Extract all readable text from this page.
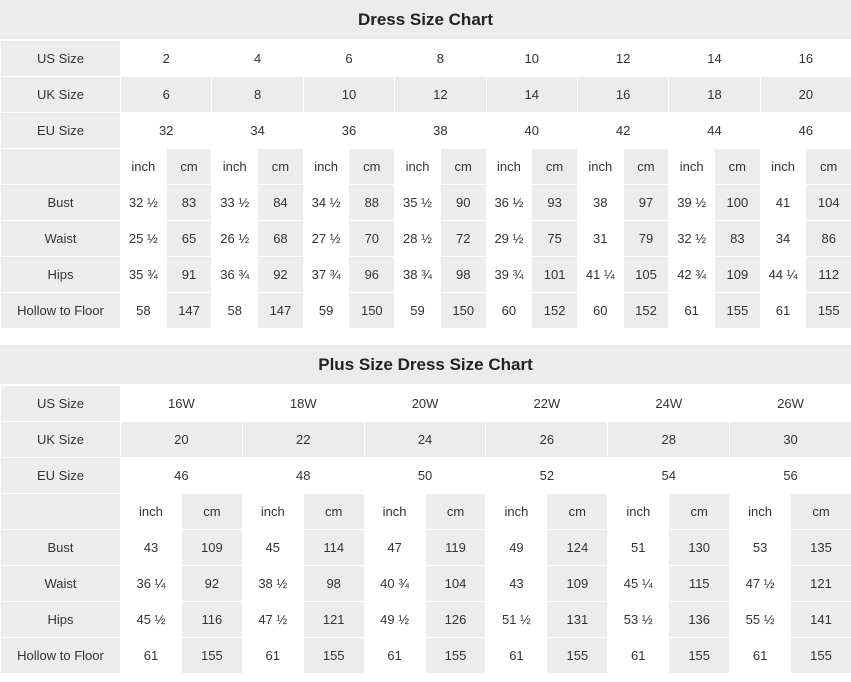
Dress Size Chart
US Size	2		4		6		8		10		12		14		16	
UK Size	6		8		10		12		14		16		18		20	
EU Size	32		34		36		38		40		42		44		46	
	inch	cm	inch	cm	inch	cm	inch	cm	inch	cm	inch	cm	inch	cm	inch	cm
Bust	32 ½	83	33 ½	84	34 ½	88	35 ½	90	36 ½	93	38	97	39 ½	100	41	104
Waist	25 ½	65	26 ½	68	27 ½	70	28 ½	72	29 ½	75	31	79	32 ½	83	34	86
Hips	35 ¾	91	36 ¾	92	37 ¾	96	38 ¾	98	39 ¾	101	41 ¼	105	42 ¾	109	44 ¼	112
Hollow to Floor	58	147	58	147	59	150	59	150	60	152	60	152	61	155	61	155
Plus Size Dress Size Chart
US Size	16W		18W		20W		22W		24W		26W	
UK Size	20		22		24		26		28		30	
EU Size	46		48		50		52		54		56	
	inch	cm	inch	cm	inch	cm	inch	cm	inch	cm	inch	cm
Bust	43	109	45	114	47	119	49	124	51	130	53	135
Waist	36 ¼	92	38 ½	98	40 ¾	104	43	109	45 ¼	115	47 ½	121
Hips	45 ½	116	47 ½	121	49 ½	126	51 ½	131	53 ½	136	55 ½	141
Hollow to Floor	61	155	61	155	61	155	61	155	61	155	61	155
